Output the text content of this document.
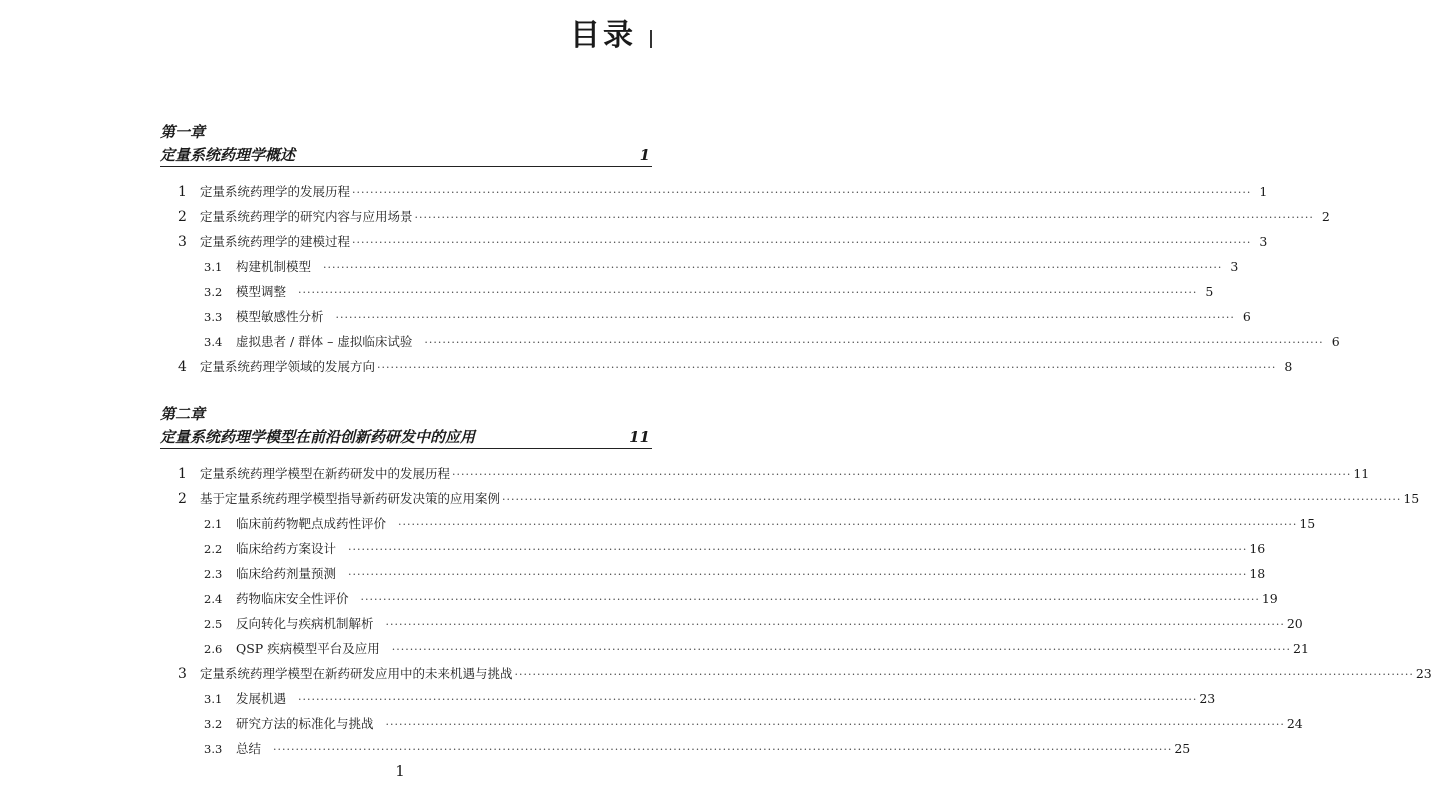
目录
第一章
定量系统药理学概述	1
1	定量系统药理学的发展历程 ········································································································································································································ 1
2	定量系统药理学的研究内容与应用场景 ········································································································································································································ 2
3	定量系统药理学的建模过程 ········································································································································································································ 3
3.1	构建机制模型 ········································································································································································································ 3
3.2	模型调整 ········································································································································································································ 5
3.3	模型敏感性分析 ········································································································································································································ 6
3.4	虚拟患者 / 群体 – 虚拟临床试验 ········································································································································································································ 6
4	定量系统药理学领域的发展方向 ········································································································································································································ 8
第二章
定量系统药理学模型在前沿创新药研发中的应用	11
1	定量系统药理学模型在新药研发中的发展历程 ········································································································································································································ 11
2	基于定量系统药理学模型指导新药研发决策的应用案例 ········································································································································································································ 15
2.1	临床前药物靶点成药性评价 ········································································································································································································ 15
2.2	临床给药方案设计 ········································································································································································································ 16
2.3	临床给药剂量预测 ········································································································································································································ 18
2.4	药物临床安全性评价 ········································································································································································································ 19
2.5	反向转化与疾病机制解析 ········································································································································································································ 20
2.6	QSP 疾病模型平台及应用 ········································································································································································································ 21
3	定量系统药理学模型在新药研发应用中的未来机遇与挑战 ········································································································································································································ 23
3.1	发展机遇 ········································································································································································································ 23
3.2	研究方法的标准化与挑战 ········································································································································································································ 24
3.3	总结 ········································································································································································································ 25
1
